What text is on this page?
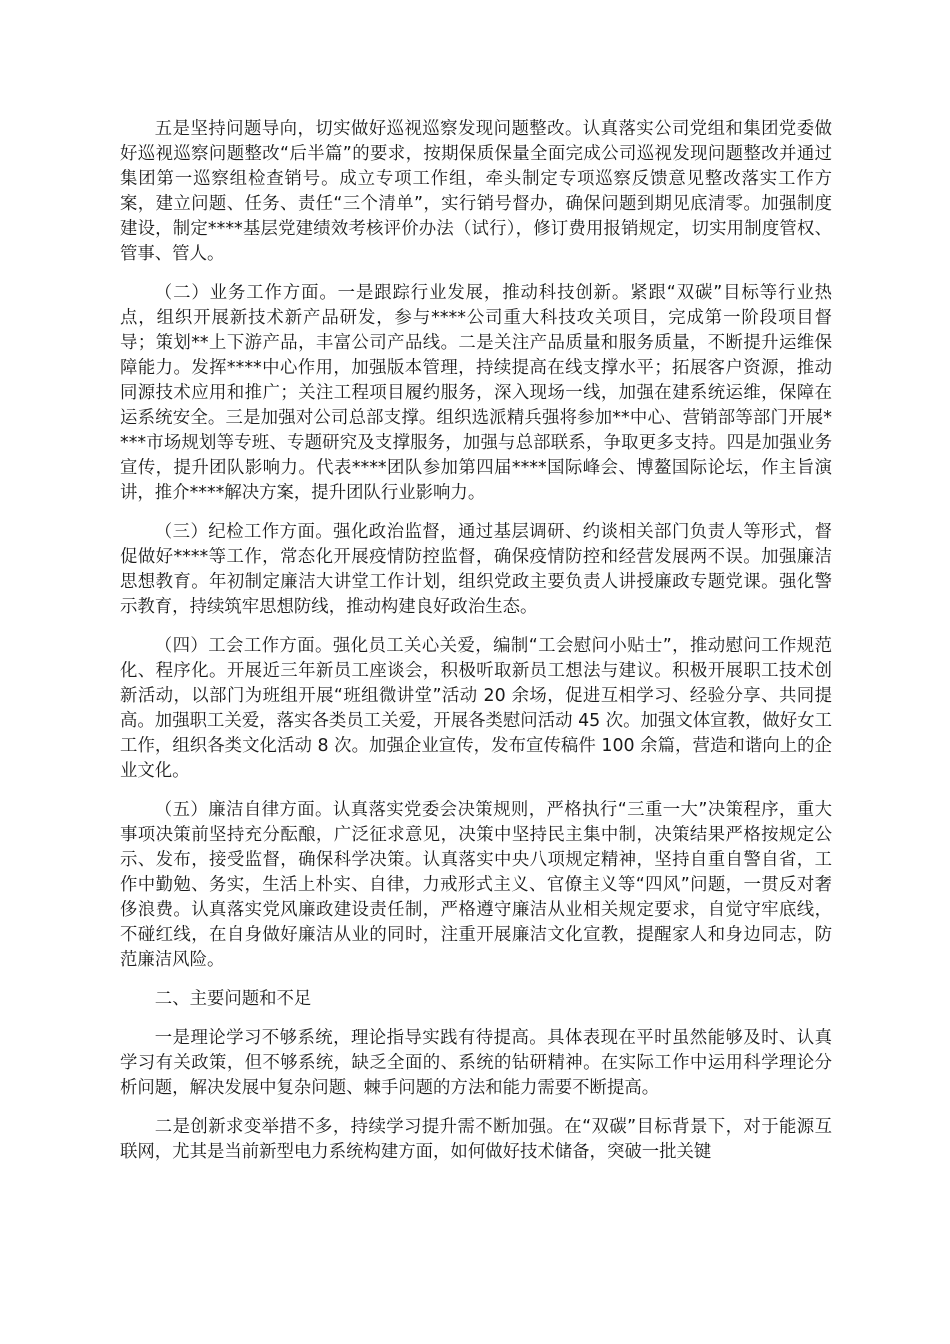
五是坚持问题导向，切实做好巡视巡察发现问题整改。认真落实公司党组和集团党委做好巡视巡察问题整改“后半篇”的要求，按期保质保量全面完成公司巡视发现问题整改并通过集团第一巡察组检查销号。成立专项工作组，牵头制定专项巡察反馈意见整改落实工作方案，建立问题、任务、责任“三个清单”，实行销号督办，确保问题到期见底清零。加强制度建设，制定****基层党建绩效考核评价办法（试行），修订费用报销规定，切实用制度管权、管事、管人。

（二）业务工作方面。一是跟踪行业发展，推动科技创新。紧跟“双碳”目标等行业热点，组织开展新技术新产品研发，参与****公司重大科技攻关项目，完成第一阶段项目督导；策划**上下游产品，丰富公司产品线。二是关注产品质量和服务质量，不断提升运维保障能力。发挥****中心作用，加强版本管理，持续提高在线支撑水平；拓展客户资源，推动同源技术应用和推广；关注工程项目履约服务，深入现场一线，加强在建系统运维，保障在运系统安全。三是加强对公司总部支撑。组织选派精兵强将参加**中心、营销部等部门开展****市场规划等专班、专题研究及支撑服务，加强与总部联系，争取更多支持。四是加强业务宣传，提升团队影响力。代表****团队参加第四届****国际峰会、博鳌国际论坛，作主旨演讲，推介****解决方案，提升团队行业影响力。

（三）纪检工作方面。强化政治监督，通过基层调研、约谈相关部门负责人等形式，督促做好****等工作，常态化开展疫情防控监督，确保疫情防控和经营发展两不误。加强廉洁思想教育。年初制定廉洁大讲堂工作计划，组织党政主要负责人讲授廉政专题党课。强化警示教育，持续筑牢思想防线，推动构建良好政治生态。

（四）工会工作方面。强化员工关心关爱，编制“工会慰问小贴士”，推动慰问工作规范化、程序化。开展近三年新员工座谈会，积极听取新员工想法与建议。积极开展职工技术创新活动，以部门为班组开展“班组微讲堂”活动 20 余场，促进互相学习、经验分享、共同提高。加强职工关爱，落实各类员工关爱，开展各类慰问活动 45 次。加强文体宣教，做好女工工作，组织各类文化活动 8 次。加强企业宣传，发布宣传稿件 100 余篇，营造和谐向上的企业文化。

（五）廉洁自律方面。认真落实党委会决策规则，严格执行“三重一大”决策程序，重大事项决策前坚持充分酝酿，广泛征求意见，决策中坚持民主集中制，决策结果严格按规定公示、发布，接受监督，确保科学决策。认真落实中央八项规定精神，坚持自重自警自省，工作中勤勉、务实，生活上朴实、自律，力戒形式主义、官僚主义等“四风”问题，一贯反对奢侈浪费。认真落实党风廉政建设责任制，严格遵守廉洁从业相关规定要求，自觉守牢底线，不碰红线，在自身做好廉洁从业的同时，注重开展廉洁文化宣教，提醒家人和身边同志，防范廉洁风险。

二、主要问题和不足

一是理论学习不够系统，理论指导实践有待提高。具体表现在平时虽然能够及时、认真学习有关政策，但不够系统，缺乏全面的、系统的钻研精神。在实际工作中运用科学理论分析问题，解决发展中复杂问题、棘手问题的方法和能力需要不断提高。

二是创新求变举措不多，持续学习提升需不断加强。在“双碳”目标背景下，对于能源互联网，尤其是当前新型电力系统构建方面，如何做好技术储备，突破一批关键
